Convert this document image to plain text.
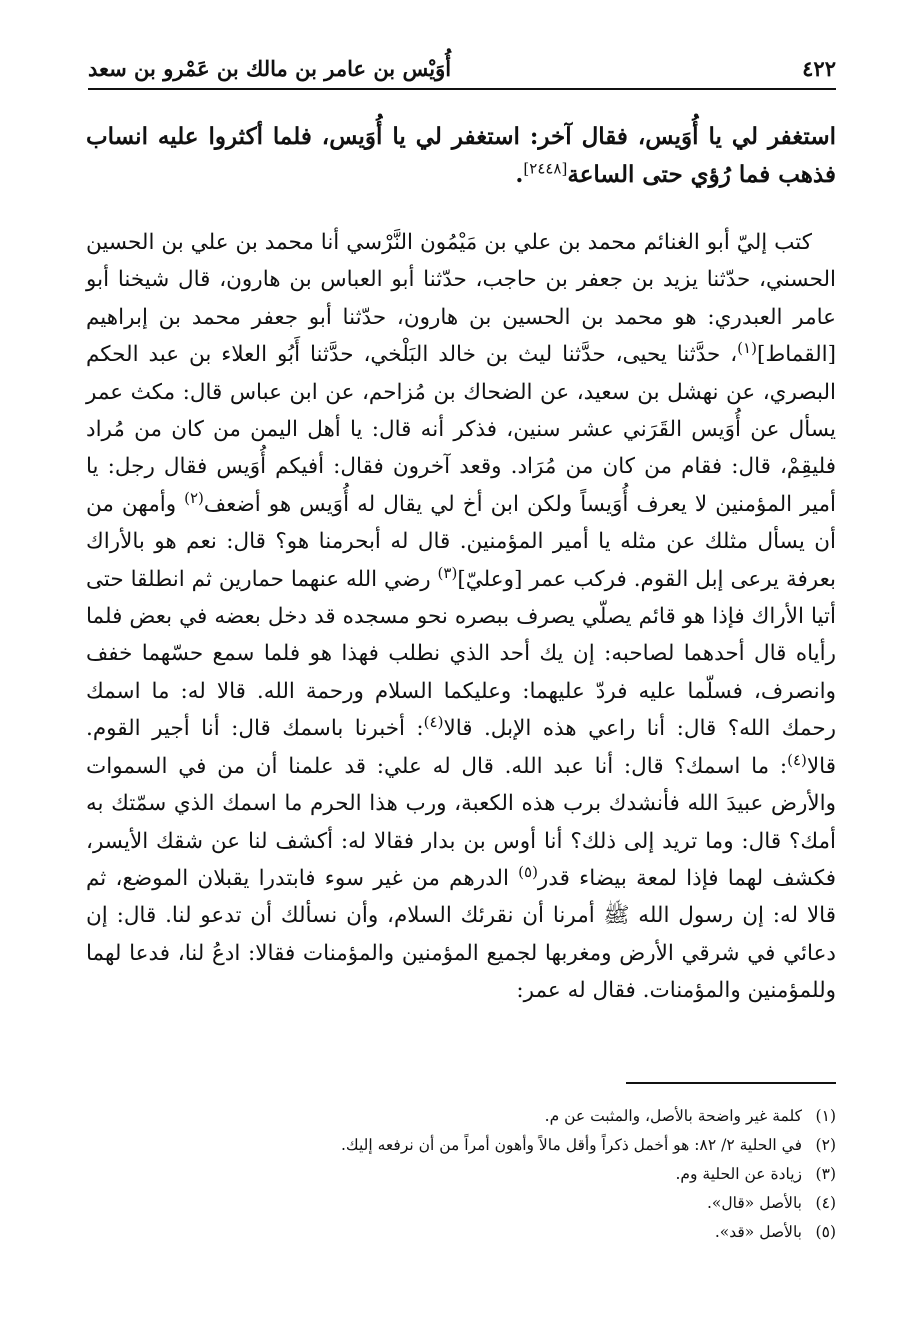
٤٢٢
أُوَيْس بن عامر بن مالك بن عَمْرو بن سعد

استغفر لي يا أُوَيس، فقال آخر: استغفر لي يا أُوَيس، فلما أكثروا عليه انساب فذهب فما رُؤي حتى الساعة[٢٤٤٨].

كتب إليّ أبو الغنائم محمد بن علي بن مَيْمُون النَّرْسي أنا محمد بن علي بن الحسين الحسني، حدّثنا يزيد بن جعفر بن حاجب، حدّثنا أبو العباس بن هارون، قال شيخنا أبو عامر العبدري: هو محمد بن الحسين بن هارون، حدّثنا أبو جعفر محمد بن إبراهيم [القماط]$^{(١)}$، حدَّثنا يحيى، حدَّثنا ليث بن خالد البَلْخي، حدَّثنا أَبُو العلاء بن عبد الحكم البصري، عن نهشل بن سعيد، عن الضحاك بن مُزاحم، عن ابن عباس قال: مكث عمر يسأل عن أُوَيس القَرَني عشر سنين، فذكر أنه قال: يا أهل اليمن من كان من مُراد فليقِمْ، قال: فقام من كان من مُرَاد. وقعد آخرون فقال: أفيكم أُوَيس فقال رجل: يا أمير المؤمنين لا يعرف أُوَيساً ولكن ابن أخ لي يقال له أُوَيس هو أضعف$^{(٢)}$ وأمهن من أن يسأل مثلك عن مثله يا أمير المؤمنين. قال له أبحرمنا هو؟ قال: نعم هو بالأراك بعرفة يرعى إبل القوم. فركب عمر [وعليّ]$^{(٣)}$ رضي الله عنهما حمارين ثم انطلقا حتى أتيا الأراك فإذا هو قائم يصلّي يصرف ببصره نحو مسجده قد دخل بعضه في بعض فلما رأياه قال أحدهما لصاحبه: إن يك أحد الذي نطلب فهذا هو فلما سمع حسّهما خفف وانصرف، فسلّما عليه فردّ عليهما: وعليكما السلام ورحمة الله. قالا له: ما اسمك رحمك الله؟ قال: أنا راعي هذه الإبل. قالا$^{(٤)}$: أخبرنا باسمك قال: أنا أجير القوم. قالا$^{(٤)}$: ما اسمك؟ قال: أنا عبد الله. قال له علي: قد علمنا أن من في السموات والأرض عبيدَ الله فأنشدك برب هذه الكعبة، ورب هذا الحرم ما اسمك الذي سمّتك به أمك؟ قال: وما تريد إلى ذلك؟ أنا أوس بن بدار فقالا له: أكشف لنا عن شقك الأيسر، فكشف لهما فإذا لمعة بيضاء قدر$^{(٥)}$ الدرهم من غير سوء فابتدرا يقبلان الموضع، ثم قالا له: إن رسول الله ﷺ أمرنا أن نقرئك السلام، وأن نسألك أن تدعو لنا. قال: إن دعائي في شرقي الأرض ومغربها لجميع المؤمنين والمؤمنات فقالا: ادعُ لنا، فدعا لهما وللمؤمنين والمؤمنات. فقال له عمر:

(١)كلمة غير واضحة بالأصل، والمثبت عن م.
(٢)في الحلية ٢/ ٨٢: هو أخمل ذكراً وأقل مالاً وأهون أمراً من أن نرفعه إليك.
(٣)زيادة عن الحلية وم.
(٤)بالأصل «قال».
(٥)بالأصل «قد».
